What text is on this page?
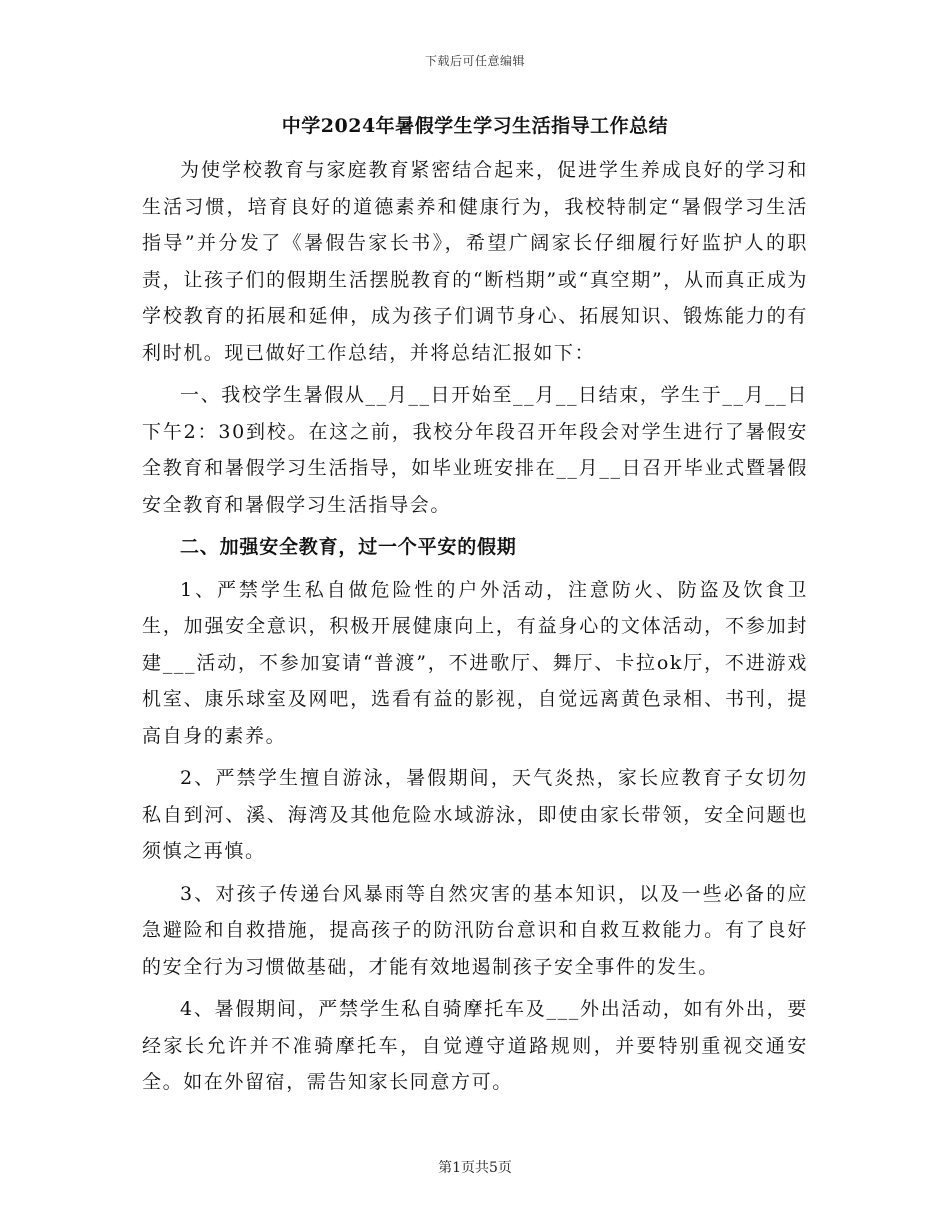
下载后可任意编辑
中学2024年暑假学生学习生活指导工作总结

为使学校教育与家庭教育紧密结合起来，促进学生养成良好的学习和生活习惯，培育良好的道德素养和健康行为，我校特制定“暑假学习生活指导”并分发了《暑假告家长书》，希望广阔家长仔细履行好监护人的职责，让孩子们的假期生活摆脱教育的“断档期”或“真空期”，从而真正成为学校教育的拓展和延伸，成为孩子们调节身心、拓展知识、锻炼能力的有利时机。现已做好工作总结，并将总结汇报如下：

一、我校学生暑假从__月__日开始至__月__日结束，学生于__月__日下午2：30到校。在这之前，我校分年段召开年段会对学生进行了暑假安全教育和暑假学习生活指导，如毕业班安排在__月__日召开毕业式暨暑假安全教育和暑假学习生活指导会。

二、加强安全教育，过一个平安的假期

1、严禁学生私自做危险性的户外活动，注意防火、防盗及饮食卫生，加强安全意识，积极开展健康向上，有益身心的文体活动，不参加封建___活动，不参加宴请“普渡”，不进歌厅、舞厅、卡拉ok厅，不进游戏机室、康乐球室及网吧，选看有益的影视，自觉远离黄色录相、书刊，提高自身的素养。

2、严禁学生擅自游泳，暑假期间，天气炎热，家长应教育子女切勿私自到河、溪、海湾及其他危险水域游泳，即使由家长带领，安全问题也须慎之再慎。

3、对孩子传递台风暴雨等自然灾害的基本知识，以及一些必备的应急避险和自救措施，提高孩子的防汛防台意识和自救互救能力。有了良好的安全行为习惯做基础，才能有效地遏制孩子安全事件的发生。

4、暑假期间，严禁学生私自骑摩托车及___外出活动，如有外出，要经家长允许并不准骑摩托车，自觉遵守道路规则，并要特别重视交通安全。如在外留宿，需告知家长同意方可。

第1页共5页
